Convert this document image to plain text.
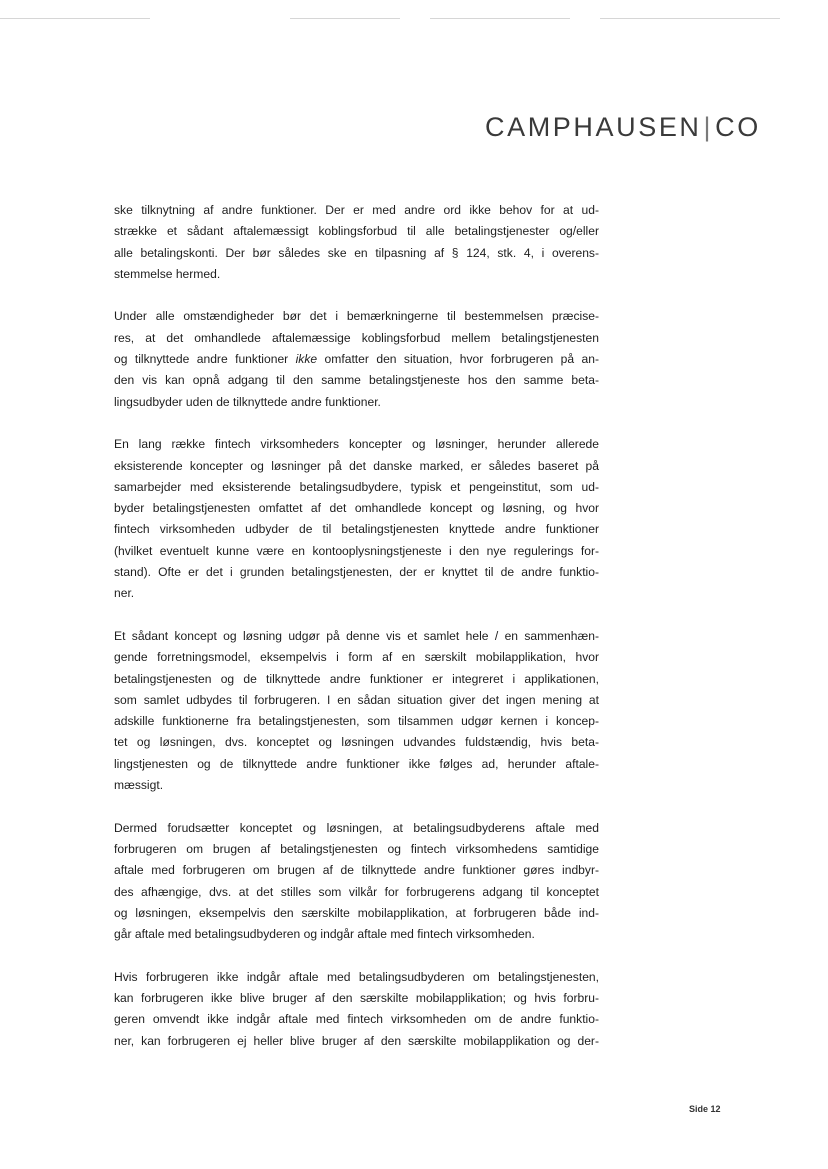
CAMPHAUSEN|CO

ske tilknytning af andre funktioner. Der er med andre ord ikke behov for at ud-
strække et sådant aftalemæssigt koblingsforbud til alle betalingstjenester og/eller
alle betalingskonti. Der bør således ske en tilpasning af § 124, stk. 4, i overens-
stemmelse hermed.

Under alle omstændigheder bør det i bemærkningerne til bestemmelsen præcise-
res, at det omhandlede aftalemæssige koblingsforbud mellem betalingstjenesten
og tilknyttede andre funktioner ikke omfatter den situation, hvor forbrugeren på an-
den vis kan opnå adgang til den samme betalingstjeneste hos den samme beta-
lingsudbyder uden de tilknyttede andre funktioner.

En lang række fintech virksomheders koncepter og løsninger, herunder allerede
eksisterende koncepter og løsninger på det danske marked, er således baseret på
samarbejder med eksisterende betalingsudbydere, typisk et pengeinstitut, som ud-
byder betalingstjenesten omfattet af det omhandlede koncept og løsning, og hvor
fintech virksomheden udbyder de til betalingstjenesten knyttede andre funktioner
(hvilket eventuelt kunne være en kontooplysningstjeneste i den nye regulerings for-
stand). Ofte er det i grunden betalingstjenesten, der er knyttet til de andre funktio-
ner.

Et sådant koncept og løsning udgør på denne vis et samlet hele / en sammenhæn-
gende forretningsmodel, eksempelvis i form af en særskilt mobilapplikation, hvor
betalingstjenesten og de tilknyttede andre funktioner er integreret i applikationen,
som samlet udbydes til forbrugeren. I en sådan situation giver det ingen mening at
adskille funktionerne fra betalingstjenesten, som tilsammen udgør kernen i koncep-
tet og løsningen, dvs. konceptet og løsningen udvandes fuldstændig, hvis beta-
lingstjenesten og de tilknyttede andre funktioner ikke følges ad, herunder aftale-
mæssigt.

Dermed forudsætter konceptet og løsningen, at betalingsudbyderens aftale med
forbrugeren om brugen af betalingstjenesten og fintech virksomhedens samtidige
aftale med forbrugeren om brugen af de tilknyttede andre funktioner gøres indbyr-
des afhængige, dvs. at det stilles som vilkår for forbrugerens adgang til konceptet
og løsningen, eksempelvis den særskilte mobilapplikation, at forbrugeren både ind-
går aftale med betalingsudbyderen og indgår aftale med fintech virksomheden.

Hvis forbrugeren ikke indgår aftale med betalingsudbyderen om betalingstjenesten,
kan forbrugeren ikke blive bruger af den særskilte mobilapplikation; og hvis forbru-
geren omvendt ikke indgår aftale med fintech virksomheden om de andre funktio-
ner, kan forbrugeren ej heller blive bruger af den særskilte mobilapplikation og der-

Side 12
